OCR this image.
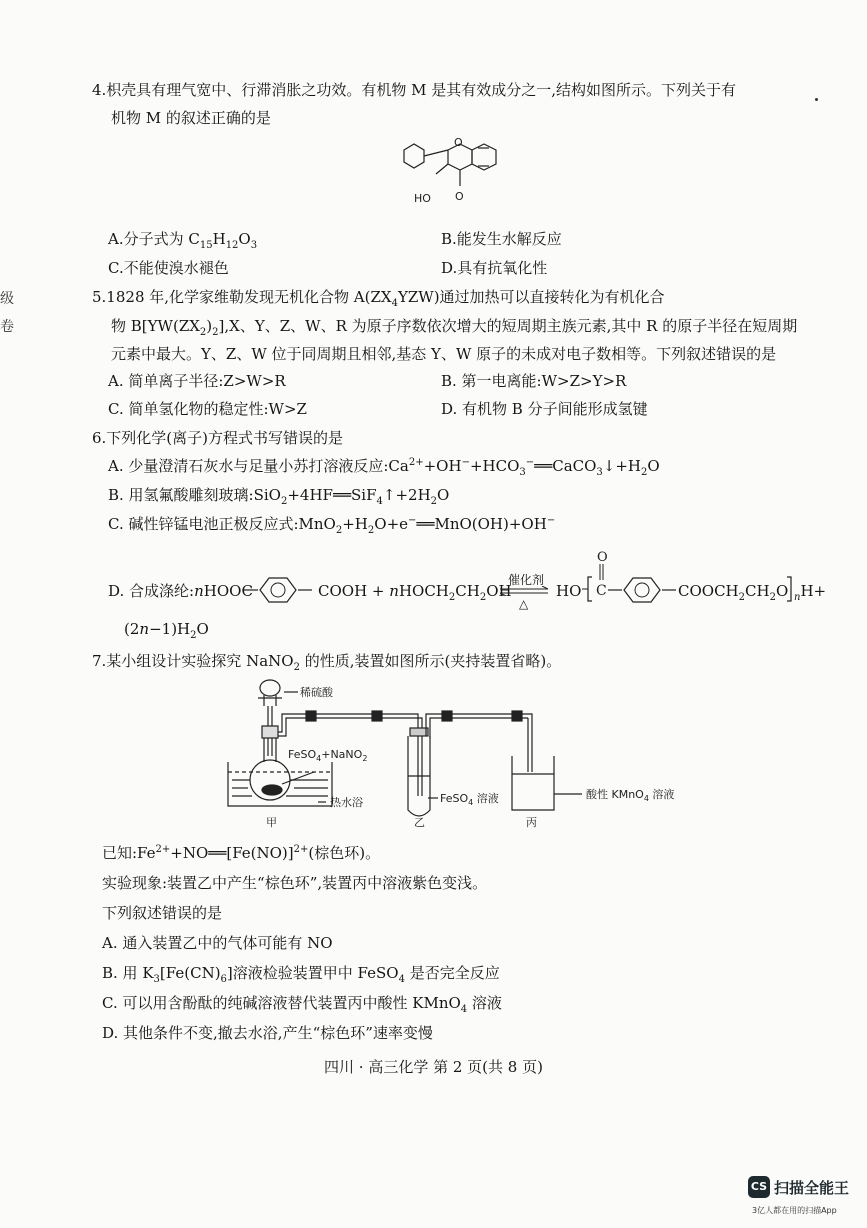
级
卷
4.枳壳具有理气宽中、行滞消胀之功效。有机物 M 是其有效成分之一,结构如图所示。下列关于有
机物 M 的叙述正确的是
O
HO O
A.分子式为 $C_{15}H_{12}O_3$	B.能发生水解反应
C.不能使溴水褪色	D.具有抗氧化性
5.1828 年,化学家维勒发现无机化合物 $A(ZX_4YZW)$通过加热可以直接转化为有机化合
物 $B[YW(ZX_2)_2],X$、Y、Z、W、R 为原子序数依次增大的短周期主族元素,其中 R 的原子半径在短周期
元素中最大。Y、Z、W 位于同周期且相邻,基态 Y、W 原子的未成对电子数相等。下列叙述错误的是
A. 简单离子半径:Z>W>R	B. 第一电离能:W>Z>Y>R
C. 简单氢化物的稳定性:W>Z	D. 有机物 B 分子间能形成氢键
6.下列化学(离子)方程式书写错误的是
A. 少量澄清石灰水与足量小苏打溶液反应$:Ca^{2+}+OH^-+HCO_3^-══CaCO_3↓+H_2O$
B. 用氢氟酸雕刻玻璃$:SiO_2+4HF══SiF_4↑+2H_2O$
C. 碱性锌锰电池正极反应式$:MnO_2+H_2O+e^-══MnO(OH)+OH^-$
D. 合成涤纶:nHOOC	COOH + $nHOCH_2CH_2OH$
催化剂
△
HO C
O
$COOCH_2CH_2O$ $_n$H+
$(2n-1)H_2O$
7.某小组设计实验探究 NaNO$_2$ 的性质,装置如图所示(夹持装置省略)。
稀硫酸
FeSO$_4$+NaNO$_2$
热水浴	FeSO$_4$ 溶液	酸性 KMnO$_4$ 溶液
甲	乙	丙
已知$:Fe^{2+}+NO══[Fe(NO)]^{2+}$(棕色环)。
实验现象:装置乙中产生“棕色环”,装置丙中溶液紫色变浅。
下列叙述错误的是
A. 通入装置乙中的气体可能有 NO
B. 用 $K_3[Fe(CN)_6]$溶液检验装置甲中 FeSO$_4$ 是否完全反应
C. 可以用含酚酞的纯碱溶液替代装置丙中酸性 KMnO$_4$ 溶液
D. 其他条件不变,撤去水浴,产生“棕色环”速率变慢
四川 · 高三化学 第 2 页(共 8 页)
CS 扫描全能王
3亿人都在用的扫描App
